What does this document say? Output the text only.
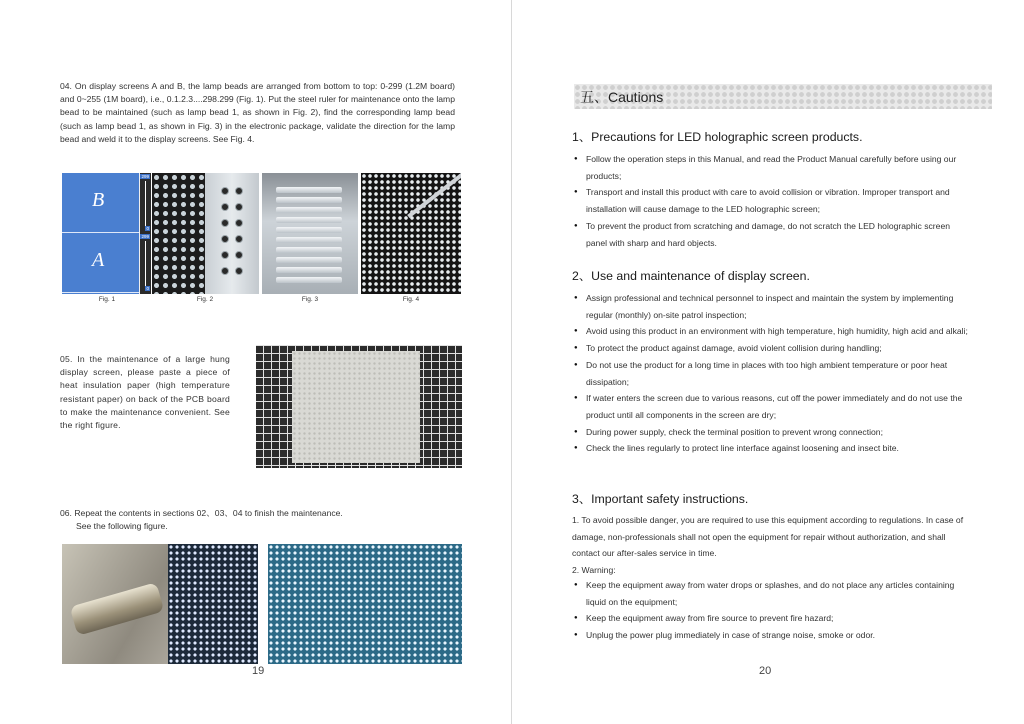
04. On display screens A and B, the lamp beads are arranged from bottom to top: 0-299 (1.2M board) and 0~255 (1M board), i.e., 0.1.2.3....298.299 (Fig. 1). Put the steel ruler for maintenance onto the lamp bead to be maintained (such as lamp bead 1, as shown in Fig. 2), find the corresponding lamp bead (such as lamp bead 1, as shown in Fig. 3) in the electronic package, validate the direction for the lamp bead and weld it to the display screens. See Fig. 4.

B
A
299
0
299
0
Fig. 1	Fig. 2	Fig. 3	Fig. 4

05. In the maintenance of a large hung display screen, please paste a piece of heat insulation paper (high temperature resistant paper) on back of the PCB board to make the maintenance convenient. See the right figure.

06. Repeat the contents in sections 02、03、04 to finish the maintenance.

See the following figure.

19
五、Cautions
1、Precautions for LED holographic screen products.
● Follow the operation steps in this Manual, and read the Product Manual carefully before using our products;
● Transport and install this product with care to avoid collision or vibration. Improper transport and installation will cause damage to the LED holographic screen;
● To prevent the product from scratching and damage, do not scratch the LED holographic screen panel with sharp and hard objects.
2、Use and maintenance of display screen.
● Assign professional and technical personnel to inspect and maintain the system by implementing regular (monthly) on-site patrol inspection;
● Avoid using this product in an environment with high temperature, high humidity, high acid and alkali;
● To protect the product against damage, avoid violent collision during handling;
● Do not use the product for a long time in places with too high ambient temperature or poor heat dissipation;
● If water enters the screen due to various reasons, cut off the power immediately and do not use the product until all components in the screen are dry;
● During power supply, check the terminal position to prevent wrong connection;
● Check the lines regularly to protect line interface against loosening and insect bite.
3、Important safety instructions.

1. To avoid possible danger, you are required to use this equipment according to regulations. In case of damage, non-professionals shall not open the equipment for repair without authorization, and shall contact our after-sales service in time.

2. Warning:

● Keep the equipment away from water drops or splashes, and do not place any articles containing liquid on the equipment;
● Keep the equipment away from fire source to prevent fire hazard;
● Unplug the power plug immediately in case of strange noise, smoke or odor.
20
